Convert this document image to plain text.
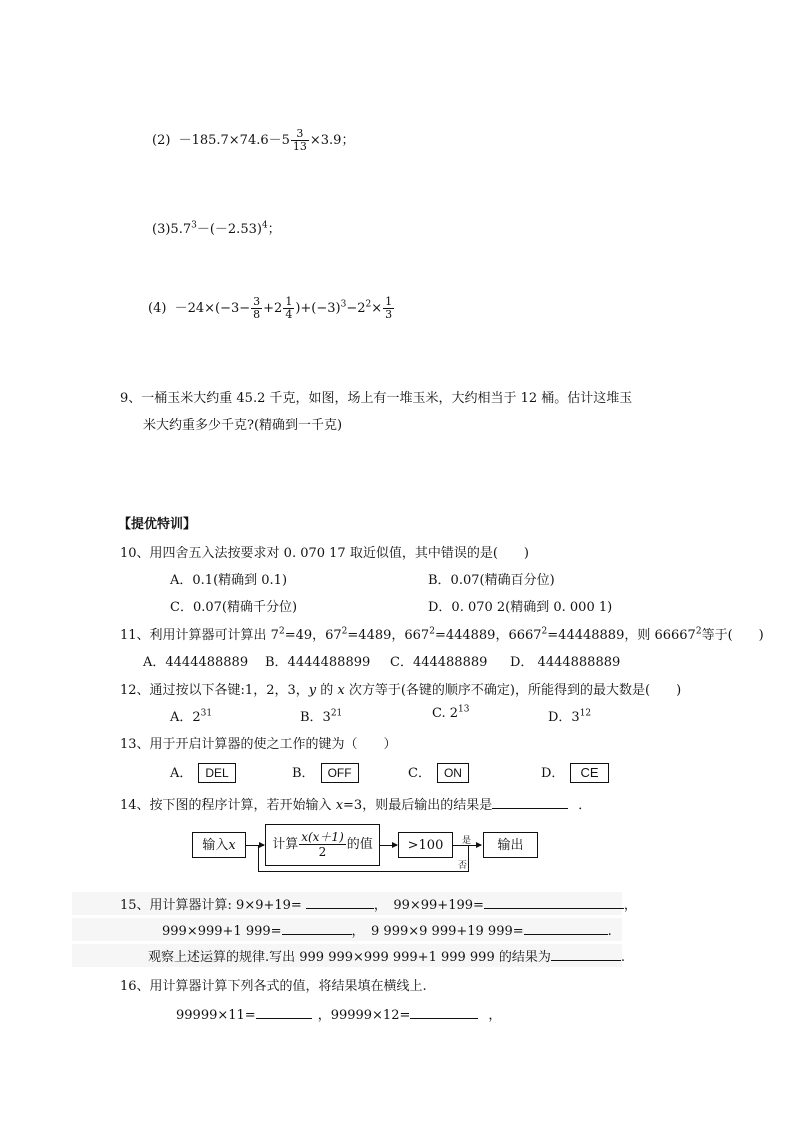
$(2) -185.7\times 74.6-5 \frac{3}{13} \times 3.9$；
$(3)5.7^3-(-2.53)^4$；
$(4) -24\times(-3- \frac{3}{8} +2 \frac{1}{4} )+(-3)^3-2^2\times \frac{1}{3}$
9、一桶玉米大约重 45.2 千克，如图，场上有一堆玉米，大约相当于 12 桶。估计这堆玉
米大约重多少千克?(精确到一千克)
【提优特训】
10、用四舍五入法按要求对 0. 070 17 取近似值，其中错误的是(　　)
A．0.1(精确到 0.1)	B．0.07(精确百分位)
C．0.07(精确千分位)	D．0. 070 2(精确到 0. 000 1)
11、利用计算器可计算出 $7^2=49$，$67^2=4489$，$667^2=444889$，$6667^2=44448889$，则 66667$^2$等于(　　)
A．4444488889 B．4444488899 C．444488889 D． 4444888889
12、通过按以下各键:1，2，3，y 的 x 次方等于(各键的顺序不确定)，所能得到的最大数是(　　)
A．$2^{31}$	B．$3^{21}$	C. $2^{13}$
D．$3^{12}$
13、用于开启计算器的使之工作的键为（　　）
A． DEL	B． OFF	C． ON	D． CE
14、按下图的程序计算，若开始输入 x=3，则最后输出的结果是	．
输入x	计算 $\frac{x(x+1)}{2}$ 的值	>100	是	输出
否
15、用计算器计算: 9×9+19=	，　99×99+199=	，
999×999+1 999=	，　9 999×9 999+19 999=	.
观察上述运算的规律.写出 999 999×999 999+1 999 999 的结果为	.
16、用计算器计算下列各式的值，将结果填在横线上.
99999×11=	，99999×12=	，
